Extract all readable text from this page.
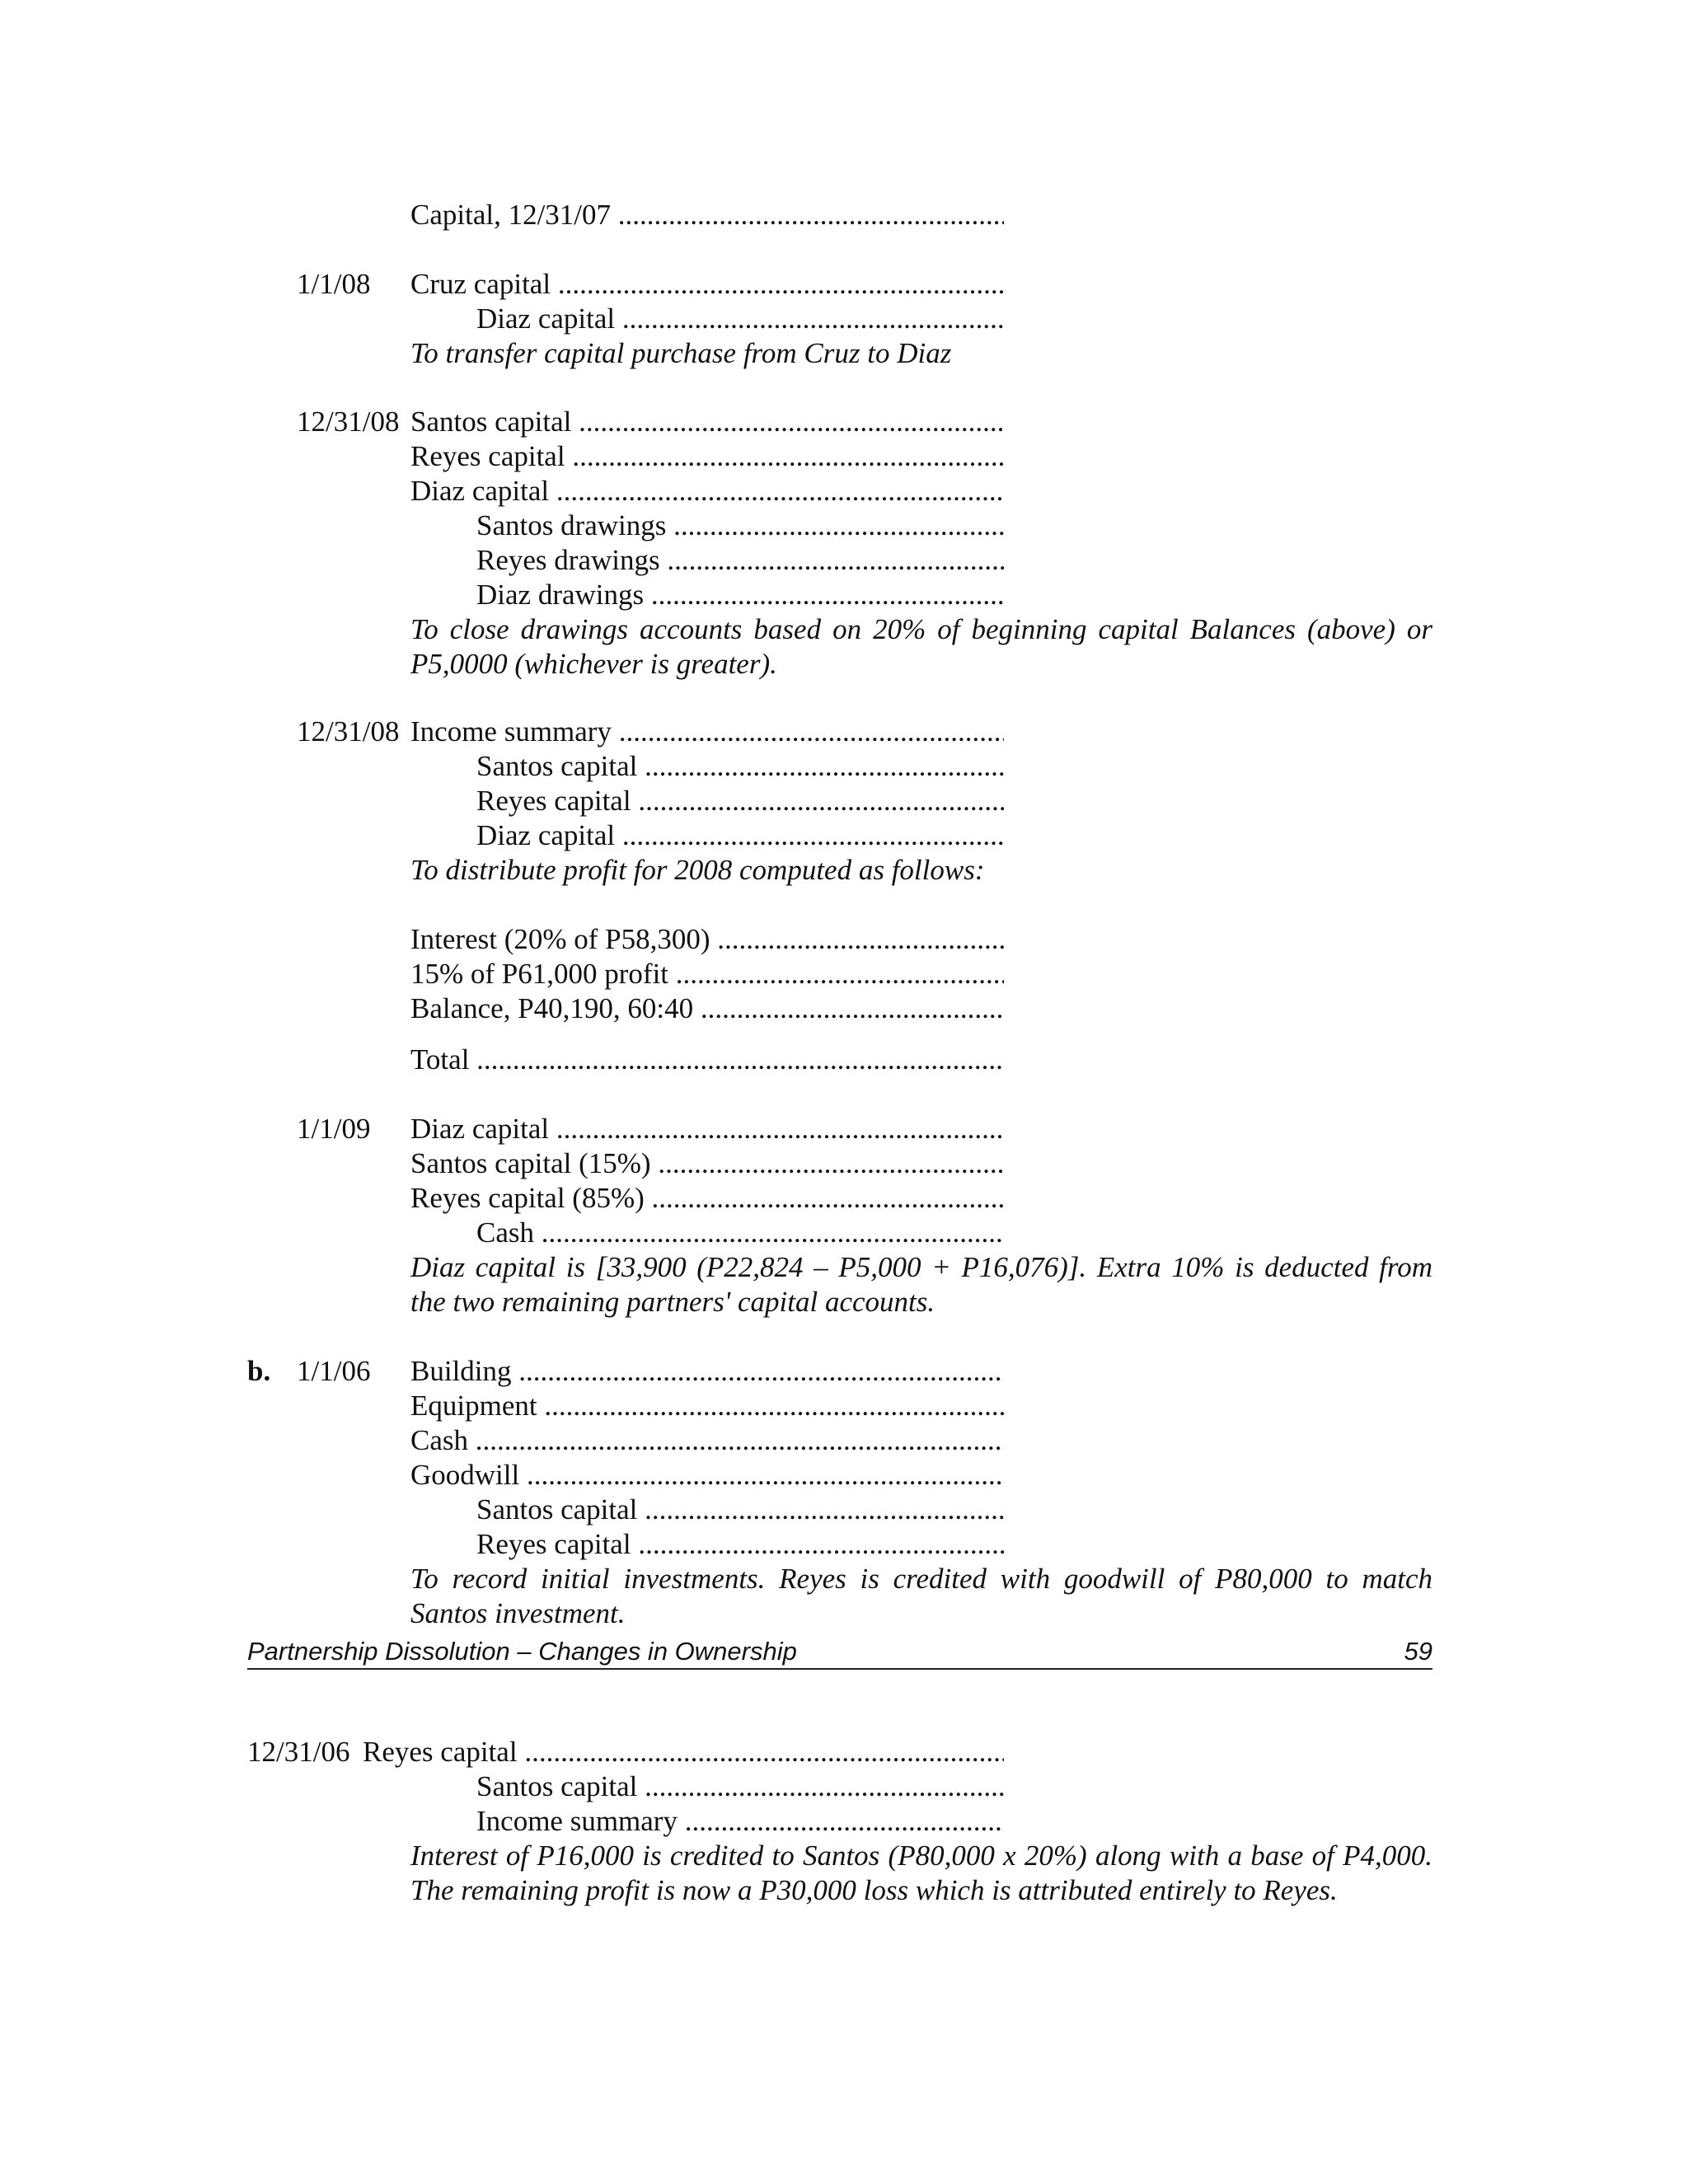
Capital, 12/31/07 .....
1/1/08 Cruz capital .....
Diaz capital .....
To transfer capital purchase from Cruz to Diaz
12/31/08 Santos capital .....
Reyes capital .....
Diaz capital .....
Santos drawings .....
Reyes drawings .....
Diaz drawings .....
To close drawings accounts based on 20% of beginning capital Balances (above) or P5,0000 (whichever is greater).
12/31/08 Income summary .....
Santos capital .....
Reyes capital .....
Diaz capital .....
To distribute profit for 2008 computed as follows:
Interest (20% of P58,300) .....
15% of P61,000 profit .....
Balance, P40,190, 60:40 .....
Total .....
1/1/09 Diaz capital .....
Santos capital (15%) .....
Reyes capital (85%) .....
Cash .....
Diaz capital is [33,900 (P22,824 – P5,000 + P16,076)]. Extra 10% is deducted from the two remaining partners' capital accounts.
b. 1/1/06 Building .....
Equipment .....
Cash .....
Goodwill .....
Santos capital .....
Reyes capital .....
To record initial investments. Reyes is credited with goodwill of P80,000 to match Santos investment.
Partnership Dissolution – Changes in Ownership	59
12/31/06 Reyes capital .....
Santos capital .....
Income summary .....
Interest of P16,000 is credited to Santos (P80,000 x 20%) along with a base of P4,000. The remaining profit is now a P30,000 loss which is attributed entirely to Reyes.
